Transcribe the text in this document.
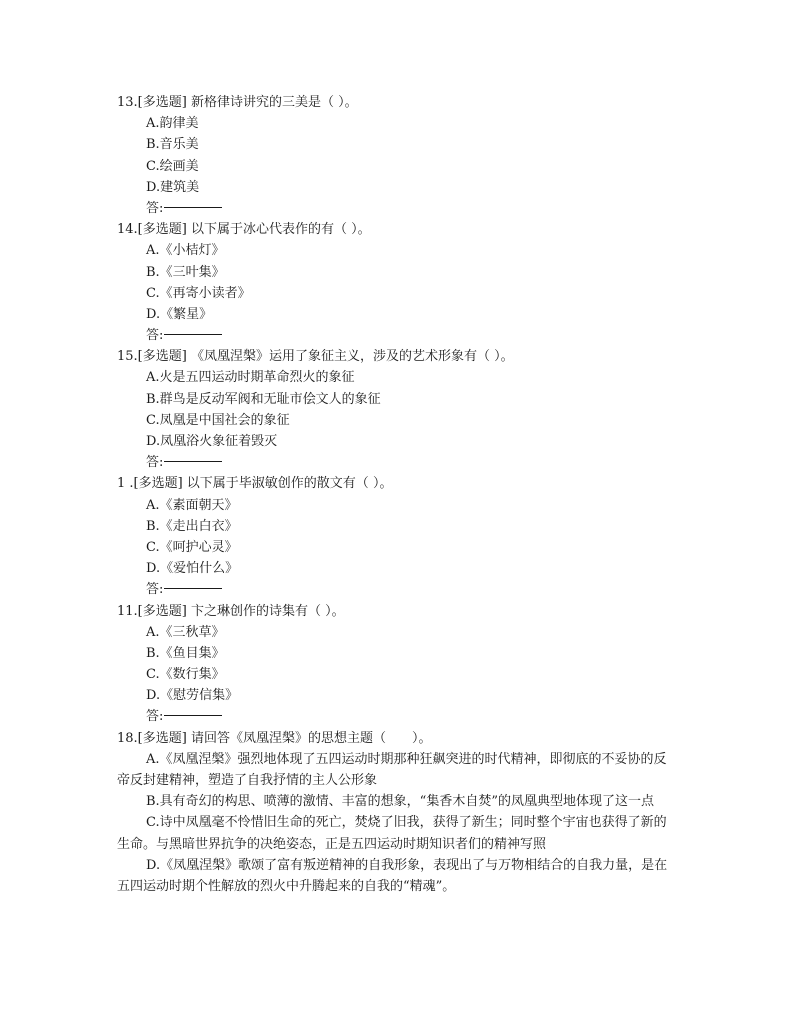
13.[多选题] 新格律诗讲究的三美是（ ）。
A.韵律美
B.音乐美
C.绘画美
D.建筑美
答:
14.[多选题] 以下属于冰心代表作的有（ ）。
A.《小桔灯》
B.《三叶集》
C.《再寄小读者》
D.《繁星》
答:
15.[多选题] 《凤凰涅槃》运用了象征主义，涉及的艺术形象有（ ）。
A.火是五四运动时期革命烈火的象征
B.群鸟是反动军阀和无耻市侩文人的象征
C.凤凰是中国社会的象征
D.凤凰浴火象征着毁灭
答:
1 .[多选题] 以下属于毕淑敏创作的散文有（ ）。
A.《素面朝天》
B.《走出白衣》
C.《呵护心灵》
D.《爱怕什么》
答:
11.[多选题] 卞之琳创作的诗集有（ ）。
A.《三秋草》
B.《鱼目集》
C.《数行集》
D.《慰劳信集》
答:
18.[多选题] 请回答《凤凰涅槃》的思想主题（　　）。
A.《凤凰涅槃》强烈地体现了五四运动时期那种狂飙突进的时代精神，即彻底的不妥协的反帝反封建精神，塑造了自我抒情的主人公形象
B.具有奇幻的构思、喷薄的激情、丰富的想象，“集香木自焚”的凤凰典型地体现了这一点
C.诗中凤凰毫不怜惜旧生命的死亡，焚烧了旧我，获得了新生；同时整个宇宙也获得了新的生命。与黑暗世界抗争的决绝姿态，正是五四运动时期知识者们的精神写照
D.《凤凰涅槃》歌颂了富有叛逆精神的自我形象，表现出了与万物相结合的自我力量，是在五四运动时期个性解放的烈火中升腾起来的自我的“精魂”。
